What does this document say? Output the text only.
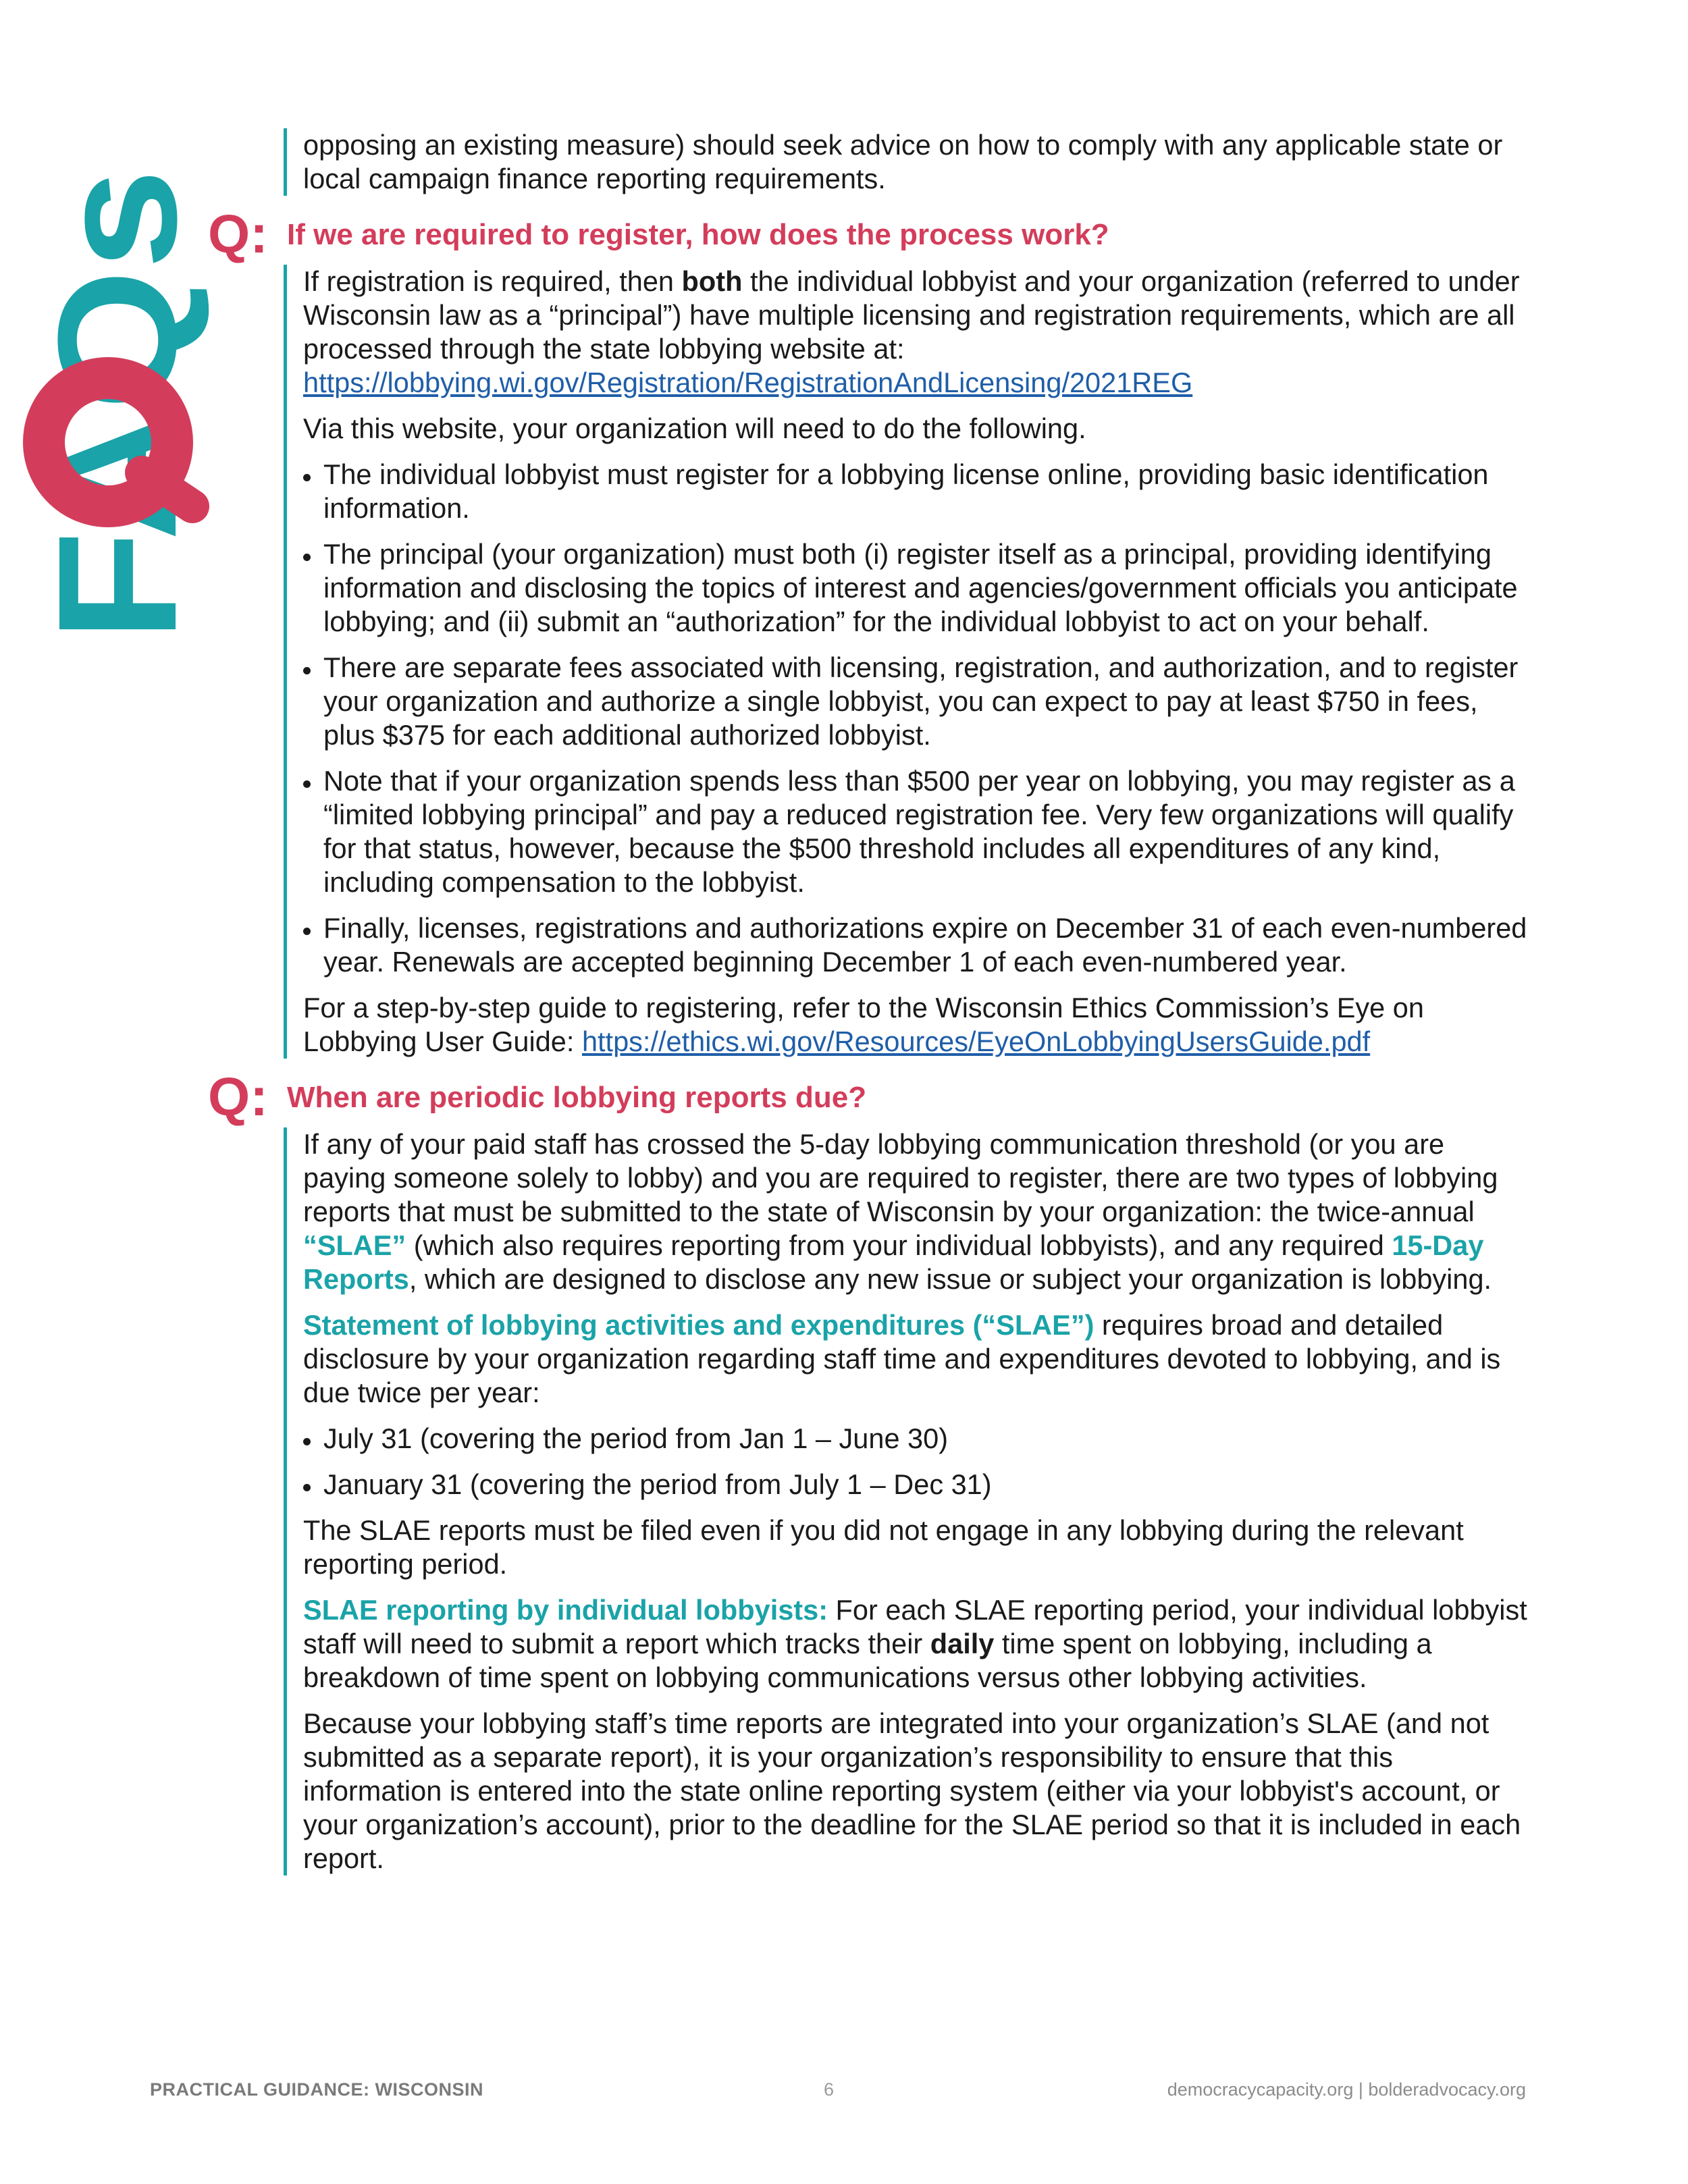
FAQs

opposing an existing measure) should seek advice on how to comply with any applicable state or local campaign finance reporting requirements.

Q: If we are required to register, how does the process work?

If registration is required, then both the individual lobbyist and your organization (referred to under Wisconsin law as a “principal”) have multiple licensing and registration requirements, which are all processed through the state lobbying website at: https://lobbying.wi.gov/Registration/RegistrationAndLicensing/2021REG

Via this website, your organization will need to do the following.

The individual lobbyist must register for a lobbying license online, providing basic identification information.
The principal (your organization) must both (i) register itself as a principal, providing identifying information and disclosing the topics of interest and agencies/government officials you anticipate lobbying; and (ii) submit an “authorization” for the individual lobbyist to act on your behalf.
There are separate fees associated with licensing, registration, and authorization, and to register your organization and authorize a single lobbyist, you can expect to pay at least $750 in fees, plus $375 for each additional authorized lobbyist.
Note that if your organization spends less than $500 per year on lobbying, you may register as a “limited lobbying principal” and pay a reduced registration fee. Very few organizations will qualify for that status, however, because the $500 threshold includes all expenditures of any kind, including compensation to the lobbyist.
Finally, licenses, registrations and authorizations expire on December 31 of each even-numbered year. Renewals are accepted beginning December 1 of each even-numbered year.

For a step-by-step guide to registering, refer to the Wisconsin Ethics Commission’s Eye on Lobbying User Guide: https://ethics.wi.gov/Resources/EyeOnLobbyingUsersGuide.pdf

Q: When are periodic lobbying reports due?

If any of your paid staff has crossed the 5-day lobbying communication threshold (or you are paying someone solely to lobby) and you are required to register, there are two types of lobbying reports that must be submitted to the state of Wisconsin by your organization: the twice-annual “SLAE” (which also requires reporting from your individual lobbyists), and any required 15-Day Reports, which are designed to disclose any new issue or subject your organization is lobbying.

Statement of lobbying activities and expenditures (“SLAE”) requires broad and detailed disclosure by your organization regarding staff time and expenditures devoted to lobbying, and is due twice per year:

July 31 (covering the period from Jan 1 – June 30)
January 31 (covering the period from July 1 – Dec 31)

The SLAE reports must be filed even if you did not engage in any lobbying during the relevant reporting period.

SLAE reporting by individual lobbyists: For each SLAE reporting period, your individual lobbyist staff will need to submit a report which tracks their daily time spent on lobbying, including a breakdown of time spent on lobbying communications versus other lobbying activities.

Because your lobbying staff’s time reports are integrated into your organization’s SLAE (and not submitted as a separate report), it is your organization’s responsibility to ensure that this information is entered into the state online reporting system (either via your lobbyist's account, or your organization’s account), prior to the deadline for the SLAE period so that it is included in each report.

PRACTICAL GUIDANCE: WISCONSIN	6	democracycapacity.org | bolderadvocacy.org
